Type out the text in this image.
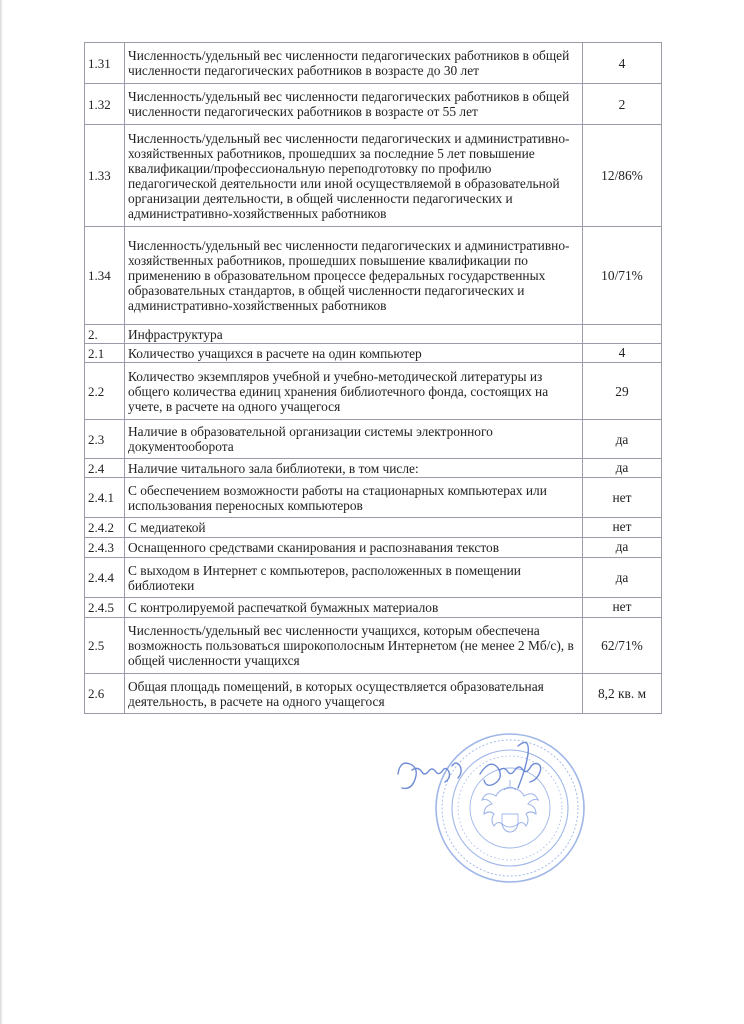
1.31	Численность/удельный вес численности педагогических работников в общей численности педагогических работников в возрасте до 30 лет	4
1.32	Численность/удельный вес численности педагогических работников в общей численности педагогических работников в возрасте от 55 лет	2
1.33	Численность/удельный вес численности педагогических и административно-хозяйственных работников, прошедших за последние 5 лет повышение квалификации/профессиональную переподготовку по профилю педагогической деятельности или иной осуществляемой в образовательной организации деятельности, в общей численности педагогических и административно-хозяйственных работников	12/86%
1.34	Численность/удельный вес численности педагогических и административно-хозяйственных работников, прошедших повышение квалификации по применению в образовательном процессе федеральных государственных образовательных стандартов, в общей численности педагогических и административно-хозяйственных работников	10/71%
2.	Инфраструктура	
2.1	Количество учащихся в расчете на один компьютер	4
2.2	Количество экземпляров учебной и учебно-методической литературы из общего количества единиц хранения библиотечного фонда, состоящих на учете, в расчете на одного учащегося	29
2.3	Наличие в образовательной организации системы электронного документооборота	да
2.4	Наличие читального зала библиотеки, в том числе:	да
2.4.1	С обеспечением возможности работы на стационарных компьютерах или использования переносных компьютеров	нет
2.4.2	С медиатекой	нет
2.4.3	Оснащенного средствами сканирования и распознавания текстов	да
2.4.4	С выходом в Интернет с компьютеров, расположенных в помещении библиотеки	да
2.4.5	С контролируемой распечаткой бумажных материалов	нет
2.5	Численность/удельный вес численности учащихся, которым обеспечена возможность пользоваться широкополосным Интернетом (не менее 2 Мб/с), в общей численности учащихся	62/71%
2.6	Общая площадь помещений, в которых осуществляется образовательная деятельность, в расчете на одного учащегося	8,2 кв. м
